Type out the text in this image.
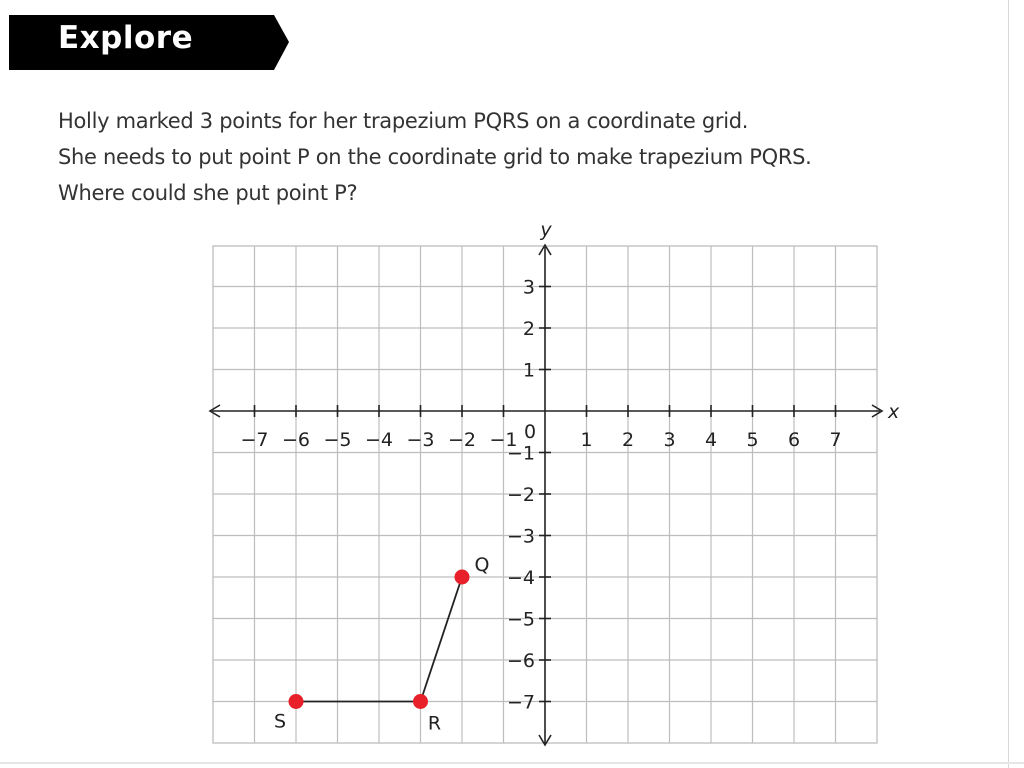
Explore

Holly marked 3 points for her trapezium PQRS on a coordinate grid.

She needs to put point P on the coordinate grid to make trapezium PQRS.

Where could she put point P?

x
y
−7 −6 −5 −4 −3 −2 −1	1 2 3 4 5 6 7
3
2
1
−1
−2
−3
−4
−5
−6
−7
0
Q
R
S
